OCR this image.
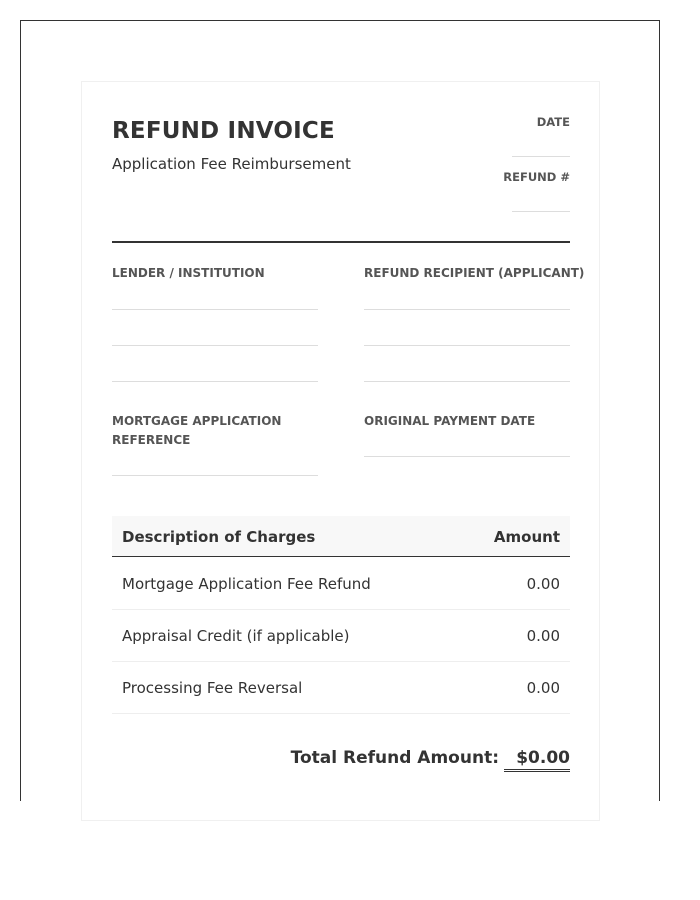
REFUND INVOICE
Application Fee Reimbursement
DATE
REFUND #
LENDER / INSTITUTION	REFUND RECIPIENT (APPLICANT)
MORTGAGE APPLICATION
REFERENCE
ORIGINAL PAYMENT DATE
Description of Charges	Amount
Mortgage Application Fee Refund	0.00
Appraisal Credit (if applicable)	0.00
Processing Fee Reversal	0.00
Total Refund Amount:	$0.00
